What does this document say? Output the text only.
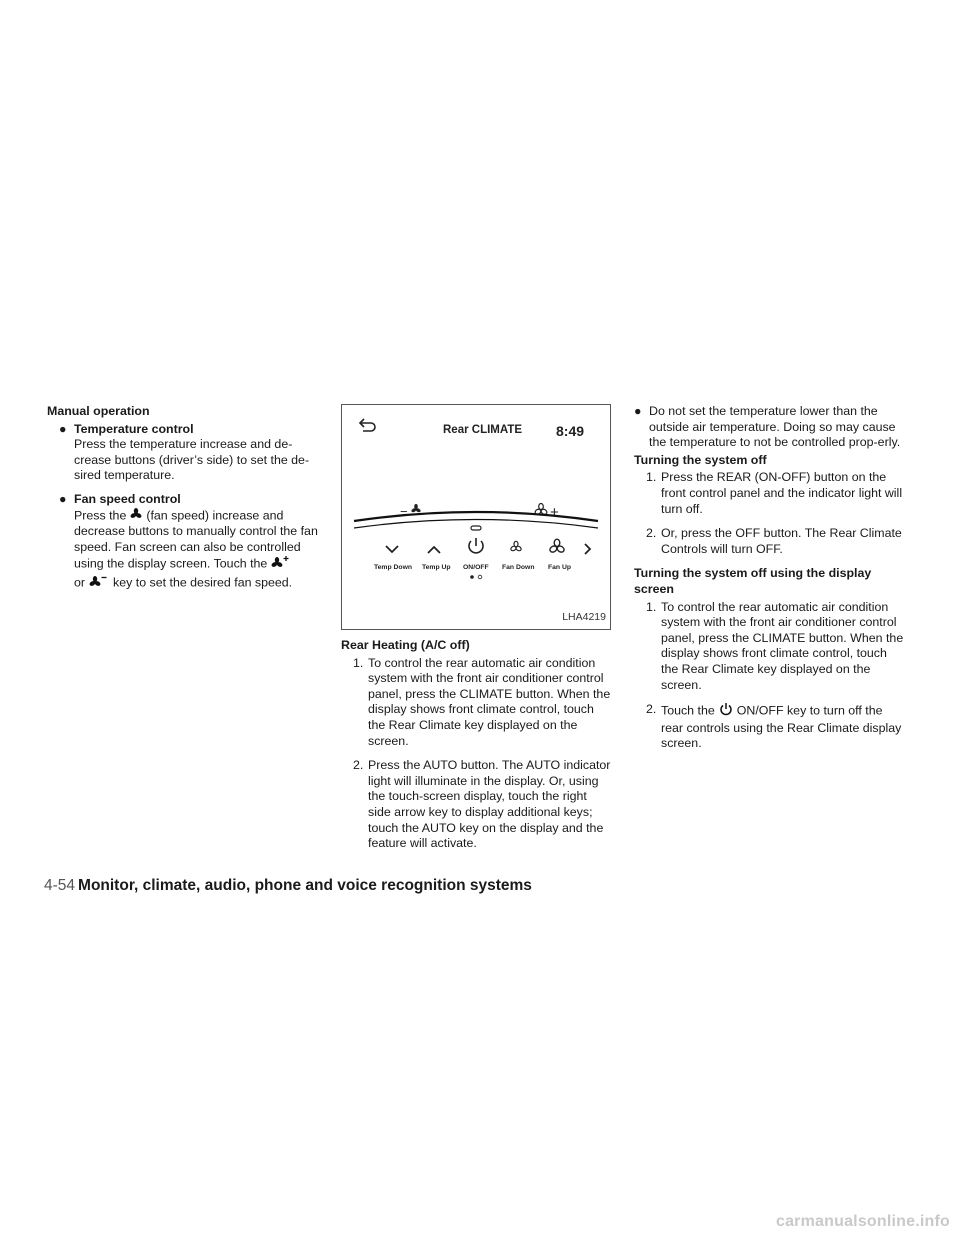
Manual operation
● Temperature control

Press the temperature increase and de-crease buttons (driver’s side) to set the de-sired temperature.

● Fan speed control

Press the (fan speed) increase and decrease buttons to manually control the fan speed. Fan screen can also be controlled using the display screen. Touch the
or key to set the desired fan speed.

Rear CLIMATE 8:49
−	+
Temp Down Temp Up ON/OFF Fan Down Fan Up
LHA4219
Rear Heating (A/C off)
1. To control the rear automatic air condition system with the front air conditioner control panel, press the CLIMATE button. When the display shows front climate control, touch the Rear Climate key displayed on the screen.
2. Press the AUTO button. The AUTO indicator light will illuminate in the display. Or, using the touch-screen display, touch the right side arrow key to display additional keys; touch the AUTO key on the display and the feature will activate.
● Do not set the temperature lower than the outside air temperature. Doing so may cause the temperature to not be controlled prop-erly.

Turning the system off
1. Press the REAR (ON-OFF) button on the front control panel and the indicator light will turn off.
2. Or, press the OFF button. The Rear Climate Controls will turn OFF.
Turning the system off using the display screen
1. To control the rear automatic air condition system with the front air conditioner control panel, press the CLIMATE button. When the display shows front climate control, touch the Rear Climate key displayed on the screen.
2. Touch the ON/OFF key to turn off the rear controls using the Rear Climate display screen.
4-54 Monitor, climate, audio, phone and voice recognition systems
carmanualsonline.info
